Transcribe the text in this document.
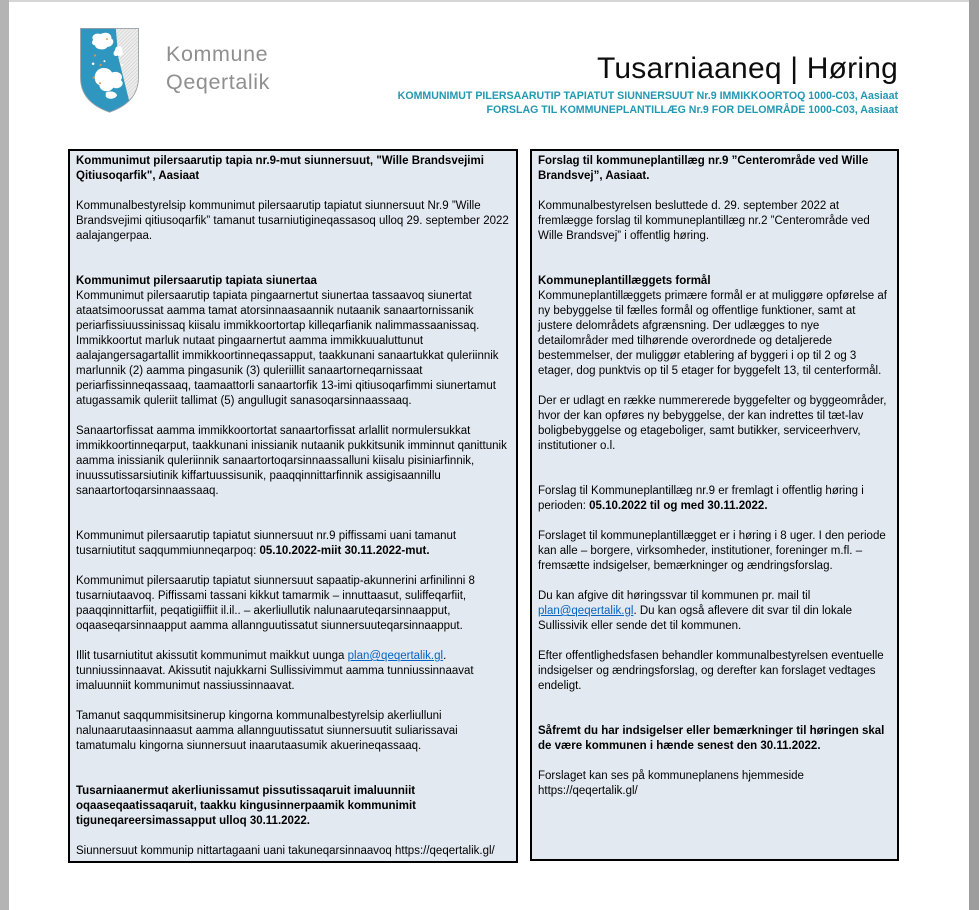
Kommune
Qeqertalik	Tusarniaaneq | Høring
KOMMUNIMUT PILERSAARUTIP TAPIATUT SIUNNERSUUT Nr.9 IMMIKKOORTOQ 1000-C03, Aasiaat
FORSLAG TIL KOMMUNEPLANTILLÆG Nr.9 FOR DELOMRÅDE 1000-C03, Aasiaat

Kommunimut pilersaarutip tapia nr.9-mut siunnersuut, "Wille Brandsvejimi Qitiusoqarfik", Aasiaat

Kommunalbestyrelsip kommunimut pilersaarutip tapiatut siunnersuut Nr.9 ”Wille Brandsvejimi qitiusoqarfik” tamanut tusarniutigineqassasoq ulloq 29. september 2022 aalajangerpaa.

Kommunimut pilersaarutip tapiata siunertaa

Kommunimut pilersaarutip tapiata pingaarnertut siunertaa tassaavoq siunertat ataatsimoorussat aamma tamat atorsinnaasaannik nutaanik sanaartornissanik periarfissiuussinissaq kiisalu immikkoortortap killeqarfianik nalimmassaanissaq. Immikkoortut marluk nutaat pingaarnertut aamma immikkuualuttunut aalajangersagartallit immikkoortinneqassapput, taakkunani sanaartukkat quleriinnik marlunnik (2) aamma pingasunik (3) quleriillit sanaartorneqarnissaat periarfissinneqassaaq, taamaattorli sanaartorfik 13-imi qitiusoqarfimmi siunertamut atugassamik quleriit tallimat (5) angullugit sanasoqarsinnaassaaq.

Sanaartorfissat aamma immikkoortortat sanaartorfissat arlallit normulersukkat immikkoortinneqarput, taakkunani inissianik nutaanik pukkitsunik imminnut qanittunik aamma inissianik quleriinnik sanaartortoqarsinnaassalluni kiisalu pisiniarfinnik, inuussutissarsiutinik kiffartuussisunik, paaqqinnittarfinnik assigisaannillu sanaartortoqarsinnaassaaq.

Kommunimut pilersaarutip tapiatut siunnersuut nr.9 piffissami uani tamanut tusarniutitut saqqummiunneqarpoq: 05.10.2022-miit 30.11.2022-mut.

Kommunimut pilersaarutip tapiatut siunnersuut sapaatip-akunnerini arfinilinni 8 tusarniutaavoq. Piffissami tassani kikkut tamarmik – innuttaasut, suliffeqarfiit, paaqqinnittarfiit, peqatigiiffiit il.il.. – akerliullutik nalunaaruteqarsinnaapput, oqaaseqarsinnaapput aamma allannguutissatut siunnersuuteqarsinnaapput.

Illit tusarniutitut akissutit kommunimut maikkut uunga plan@qeqertalik.gl. tunniussinnaavat. Akissutit najukkarni Sullissivimmut aamma tunniussinnaavat imaluunniit kommunimut nassiussinnaavat.

Tamanut saqqummisitsinerup kingorna kommunalbestyrelsip akerliulluni nalunaarutaasinnaasut aamma allannguutissatut siunnersuutit suliarissavai tamatumalu kingorna siunnersuut inaarutaasumik akuerineqassaaq.

Tusarniaanermut akerliunissamut pissutissaqaruit imaluunniit oqaaseqaatissaqaruit, taakku kingusinnerpaamik kommunimit tiguneqareersimassapput ulloq 30.11.2022.

Siunnersuut kommunip nittartagaani uani takuneqarsinnaavoq https://qeqertalik.gl/

Forslag til kommuneplantillæg nr.9 ”Centerområde ved Wille Brandsvej”, Aasiaat.

Kommunalbestyrelsen besluttede d. 29. september 2022 at fremlægge forslag til kommuneplantillæg nr.2 ”Centerområde ved Wille Brandsvej” i offentlig høring.

Kommuneplantillæggets formål

Kommuneplantillæggets primære formål er at muliggøre opførelse af ny bebyggelse til fælles formål og offentlige funktioner, samt at justere delområdets afgrænsning. Der udlægges to nye detailområder med tilhørende overordnede og detaljerede bestemmelser, der muliggør etablering af byggeri i op til 2 og 3 etager, dog punktvis op til 5 etager for byggefelt 13, til centerformål.

Der er udlagt en række nummererede byggefelter og byggeområder, hvor der kan opføres ny bebyggelse, der kan indrettes til tæt-lav boligbebyggelse og etageboliger, samt butikker, serviceerhverv, institutioner o.l.

Forslag til Kommuneplantillæg nr.9 er fremlagt i offentlig høring i perioden: 05.10.2022 til og med 30.11.2022.

Forslaget til kommuneplantillægget er i høring i 8 uger. I den periode kan alle – borgere, virksomheder, institutioner, foreninger m.fl. – fremsætte indsigelser, bemærkninger og ændringsforslag.

Du kan afgive dit høringssvar til kommunen pr. mail til plan@qeqertalik.gl. Du kan også aflevere dit svar til din lokale Sullissivik eller sende det til kommunen.

Efter offentlighedsfasen behandler kommunalbestyrelsen eventuelle indsigelser og ændringsforslag, og derefter kan forslaget vedtages endeligt.

Såfremt du har indsigelser eller bemærkninger til høringen skal de være kommunen i hænde senest den 30.11.2022.

Forslaget kan ses på kommuneplanens hjemmeside https://qeqertalik.gl/
